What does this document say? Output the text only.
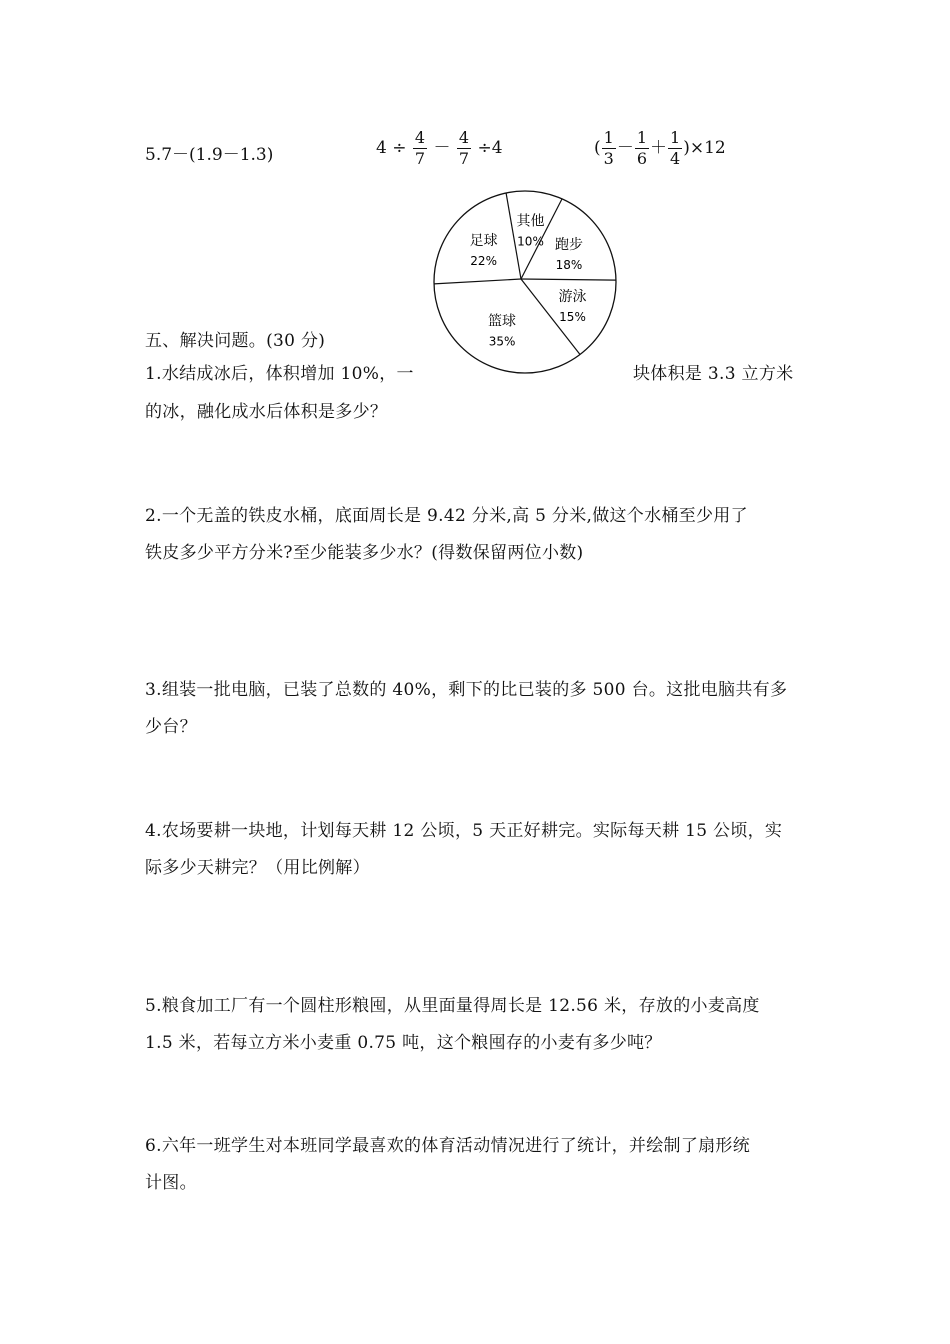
5.7－(1.9－1.3)	$4 \div \frac{4}{7} - \frac{4}{7} \div 4$	( $\frac{1}{3} - \frac{1}{6} + \frac{1}{4} )\times 12$
其他
10% 跑步
18%
游泳
15%
篮球
35%
足球
22%
五、解决问题。(30 分)
1.水结成冰后，体积增加 10%，一	块体积是 3.3 立方米
的冰，融化成水后体积是多少？
2.一个无盖的铁皮水桶，底面周长是 9.42 分米,高 5 分米,做这个水桶至少用了
铁皮多少平方分米?至少能装多少水？(得数保留两位小数)
3.组装一批电脑，已装了总数的 40%，剩下的比已装的多 500 台。这批电脑共有多
少台？
4.农场要耕一块地，计划每天耕 12 公顷，5 天正好耕完。实际每天耕 15 公顷，实
际多少天耕完？（用比例解）
5.粮食加工厂有一个圆柱形粮囤，从里面量得周长是 12.56 米，存放的小麦高度
1.5 米，若每立方米小麦重 0.75 吨，这个粮囤存的小麦有多少吨？
6.六年一班学生对本班同学最喜欢的体育活动情况进行了统计，并绘制了扇形统
计图。
